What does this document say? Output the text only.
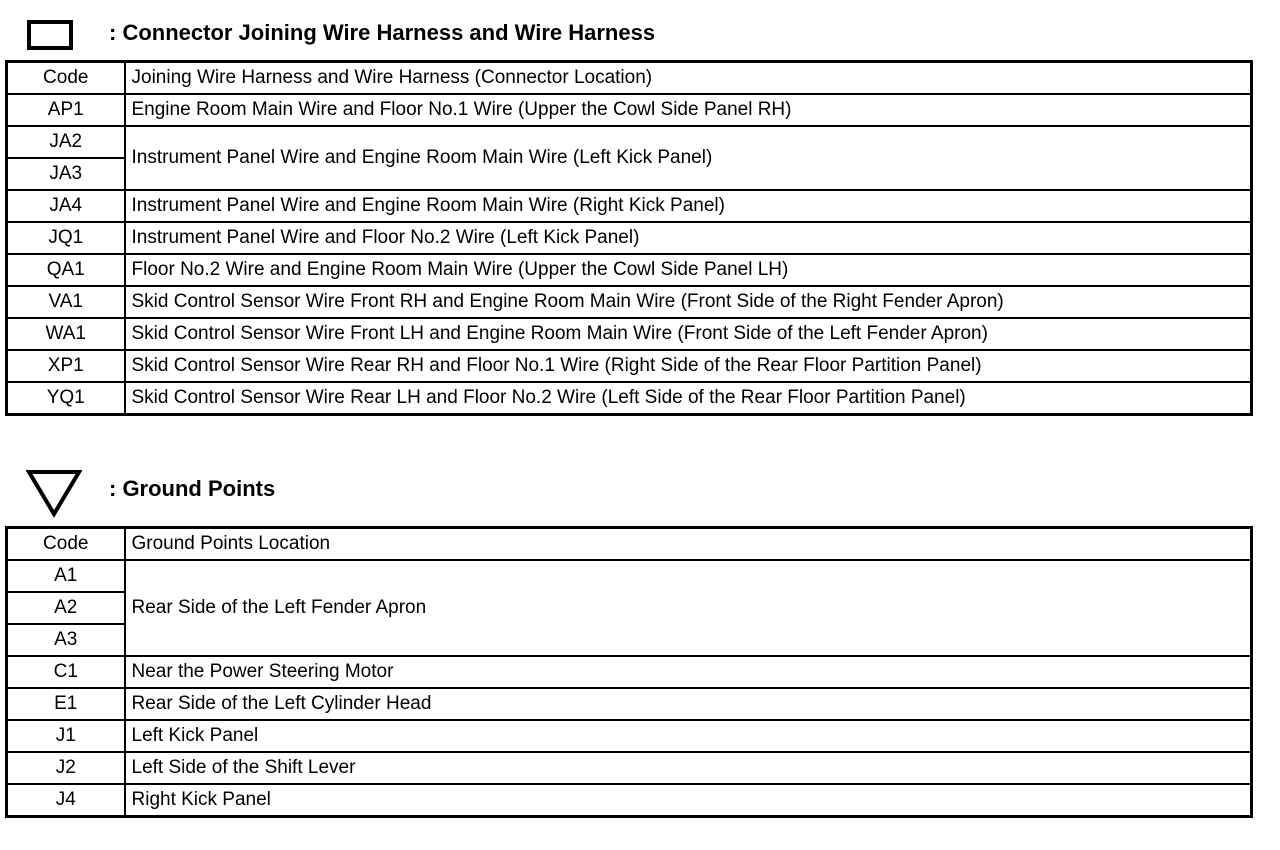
: Connector Joining Wire Harness and Wire Harness
Code	Joining Wire Harness and Wire Harness (Connector Location)
AP1	Engine Room Main Wire and Floor No.1 Wire (Upper the Cowl Side Panel RH)
JA2	Instrument Panel Wire and Engine Room Main Wire (Left Kick Panel)
JA3	
JA4	Instrument Panel Wire and Engine Room Main Wire (Right Kick Panel)
JQ1	Instrument Panel Wire and Floor No.2 Wire (Left Kick Panel)
QA1	Floor No.2 Wire and Engine Room Main Wire (Upper the Cowl Side Panel LH)
VA1	Skid Control Sensor Wire Front RH and Engine Room Main Wire (Front Side of the Right Fender Apron)
WA1	Skid Control Sensor Wire Front LH and Engine Room Main Wire (Front Side of the Left Fender Apron)
XP1	Skid Control Sensor Wire Rear RH and Floor No.1 Wire (Right Side of the Rear Floor Partition Panel)
YQ1	Skid Control Sensor Wire Rear LH and Floor No.2 Wire (Left Side of the Rear Floor Partition Panel)
: Ground Points
Code	Ground Points Location
A1	Rear Side of the Left Fender Apron
A2	
A3	
C1	Near the Power Steering Motor
E1	Rear Side of the Left Cylinder Head
J1	Left Kick Panel
J2	Left Side of the Shift Lever
J4	Right Kick Panel
